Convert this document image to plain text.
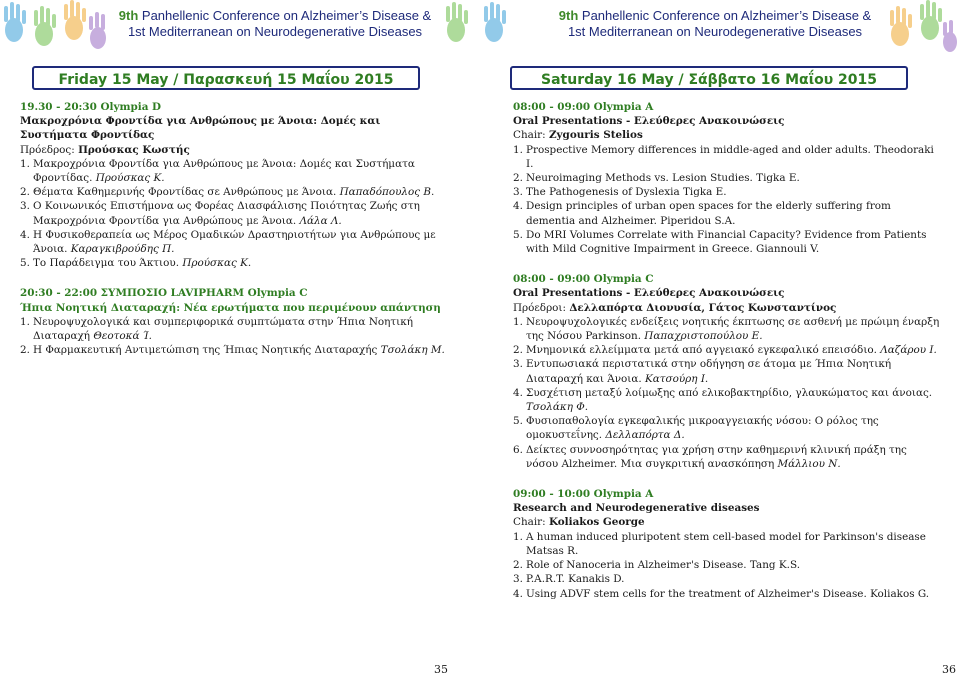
9th Panhellenic Conference on Alzheimer’s Disease &
1st Mediterranean on Neurodegenerative Diseases
Friday 15 May / Παρασκευή 15 Μαΐου 2015
19.30 - 20:30 Olympia D
Μακροχρόνια Φροντίδα για Ανθρώπους με Άνοια: Δομές και Συστήματα Φροντίδας
Πρόεδρος: Προύσκας Κωστής
1. Μακροχρόνια Φροντίδα για Ανθρώπους με Άνοια: Δομές και Συστήματα Φροντίδας. Προύσκας Κ.
2. Θέματα Καθημερινής Φροντίδας σε Ανθρώπους με Άνοια. Παπαδόπουλος Β.
3. Ο Κοινωνικός Επιστήμονα ως Φορέας Διασφάλισης Ποιότητας Ζωής στη Μακροχρόνια Φροντίδα για Ανθρώπους με Άνοια. Λάλα Λ.
4. Η Φυσικοθεραπεία ως Μέρος Ομαδικών Δραστηριοτήτων για Ανθρώπους με Άνοια. Καραγκιβρούδης Π.
5. Το Παράδειγμα του Άκτιου. Προύσκας Κ.
20:30 - 22:00 ΣΥΜΠΟΣΙΟ LAVIPHARM Olympia C
Ήπια Νοητική Διαταραχή: Νέα ερωτήματα που περιμένουν απάντηση
1. Νευροψυχολογικά και συμπεριφορικά συμπτώματα στην Ήπια Νοητική Διαταραχή Θεοτοκά Ί.
2. Η Φαρμακευτική Αντιμετώπιση της Ήπιας Νοητικής Διαταραχής Τσολάκη Μ.
35
9th Panhellenic Conference on Alzheimer’s Disease &
1st Mediterranean on Neurodegenerative Diseases
Saturday 16 May / Σάββατο 16 Μαΐου 2015
08:00 - 09:00 Olympia A
Oral Presentations - Ελεύθερες Ανακοινώσεις
Chair: Zygouris Stelios
1. Prospective Memory differences in middle-aged and older adults. Theodoraki I.
2. Neuroimaging Methods vs. Lesion Studies. Tigka E.
3. The Pathogenesis of Dyslexia Tigka E.
4. Design principles of urban open spaces for the elderly suffering from dementia and Alzheimer. Piperidou S.A.
5. Do MRI Volumes Correlate with Financial Capacity? Evidence from Patients with Mild Cognitive Impairment in Greece. Giannouli V.
08:00 - 09:00 Olympia C
Oral Presentations - Ελεύθερες Ανακοινώσεις
Πρόεδροι: Δελλαπόρτα Διονυσία, Γάτος Κωνσταντίνος
1. Νευροψυχολογικές ενδείξεις νοητικής έκπτωσης σε ασθενή με πρώιμη έναρξη της Νόσου Parkinson. Παπαχριστοπούλου Ε.
2. Μνημονικά ελλείμματα μετά από αγγειακό εγκεφαλικό επεισόδιο. Λαζάρου Ι.
3. Εντυπωσιακά περιστατικά στην οδήγηση σε άτομα με Ήπια Νοητική Διαταραχή και Άνοια. Κατσούρη Ι.
4. Συσχέτιση μεταξύ λοίμωξης από ελικοβακτηρίδιο, γλαυκώματος και άνοιας. Τσολάκη Φ.
5. Φυσιοπαθολογία εγκεφαλικής μικροαγγειακής νόσου: Ο ρόλος της ομοκυστεΐνης. Δελλαπόρτα Δ.
6. Δείκτες συννοσηρότητας για χρήση στην καθημερινή κλινική πράξη της νόσου Alzheimer. Μια συγκριτική ανασκόπηση Μάλλιου Ν.
09:00 - 10:00 Olympia A
Research and Neurodegenerative diseases
Chair: Koliakos George
1. A human induced pluripotent stem cell-based model for Parkinson's disease Matsas R.
2. Role of Nanoceria in Alzheimer's Disease. Tang K.S.
3. P.A.R.T. Kanakis D.
4. Using ADVF stem cells for the treatment of Alzheimer's Disease. Koliakos G.
36
